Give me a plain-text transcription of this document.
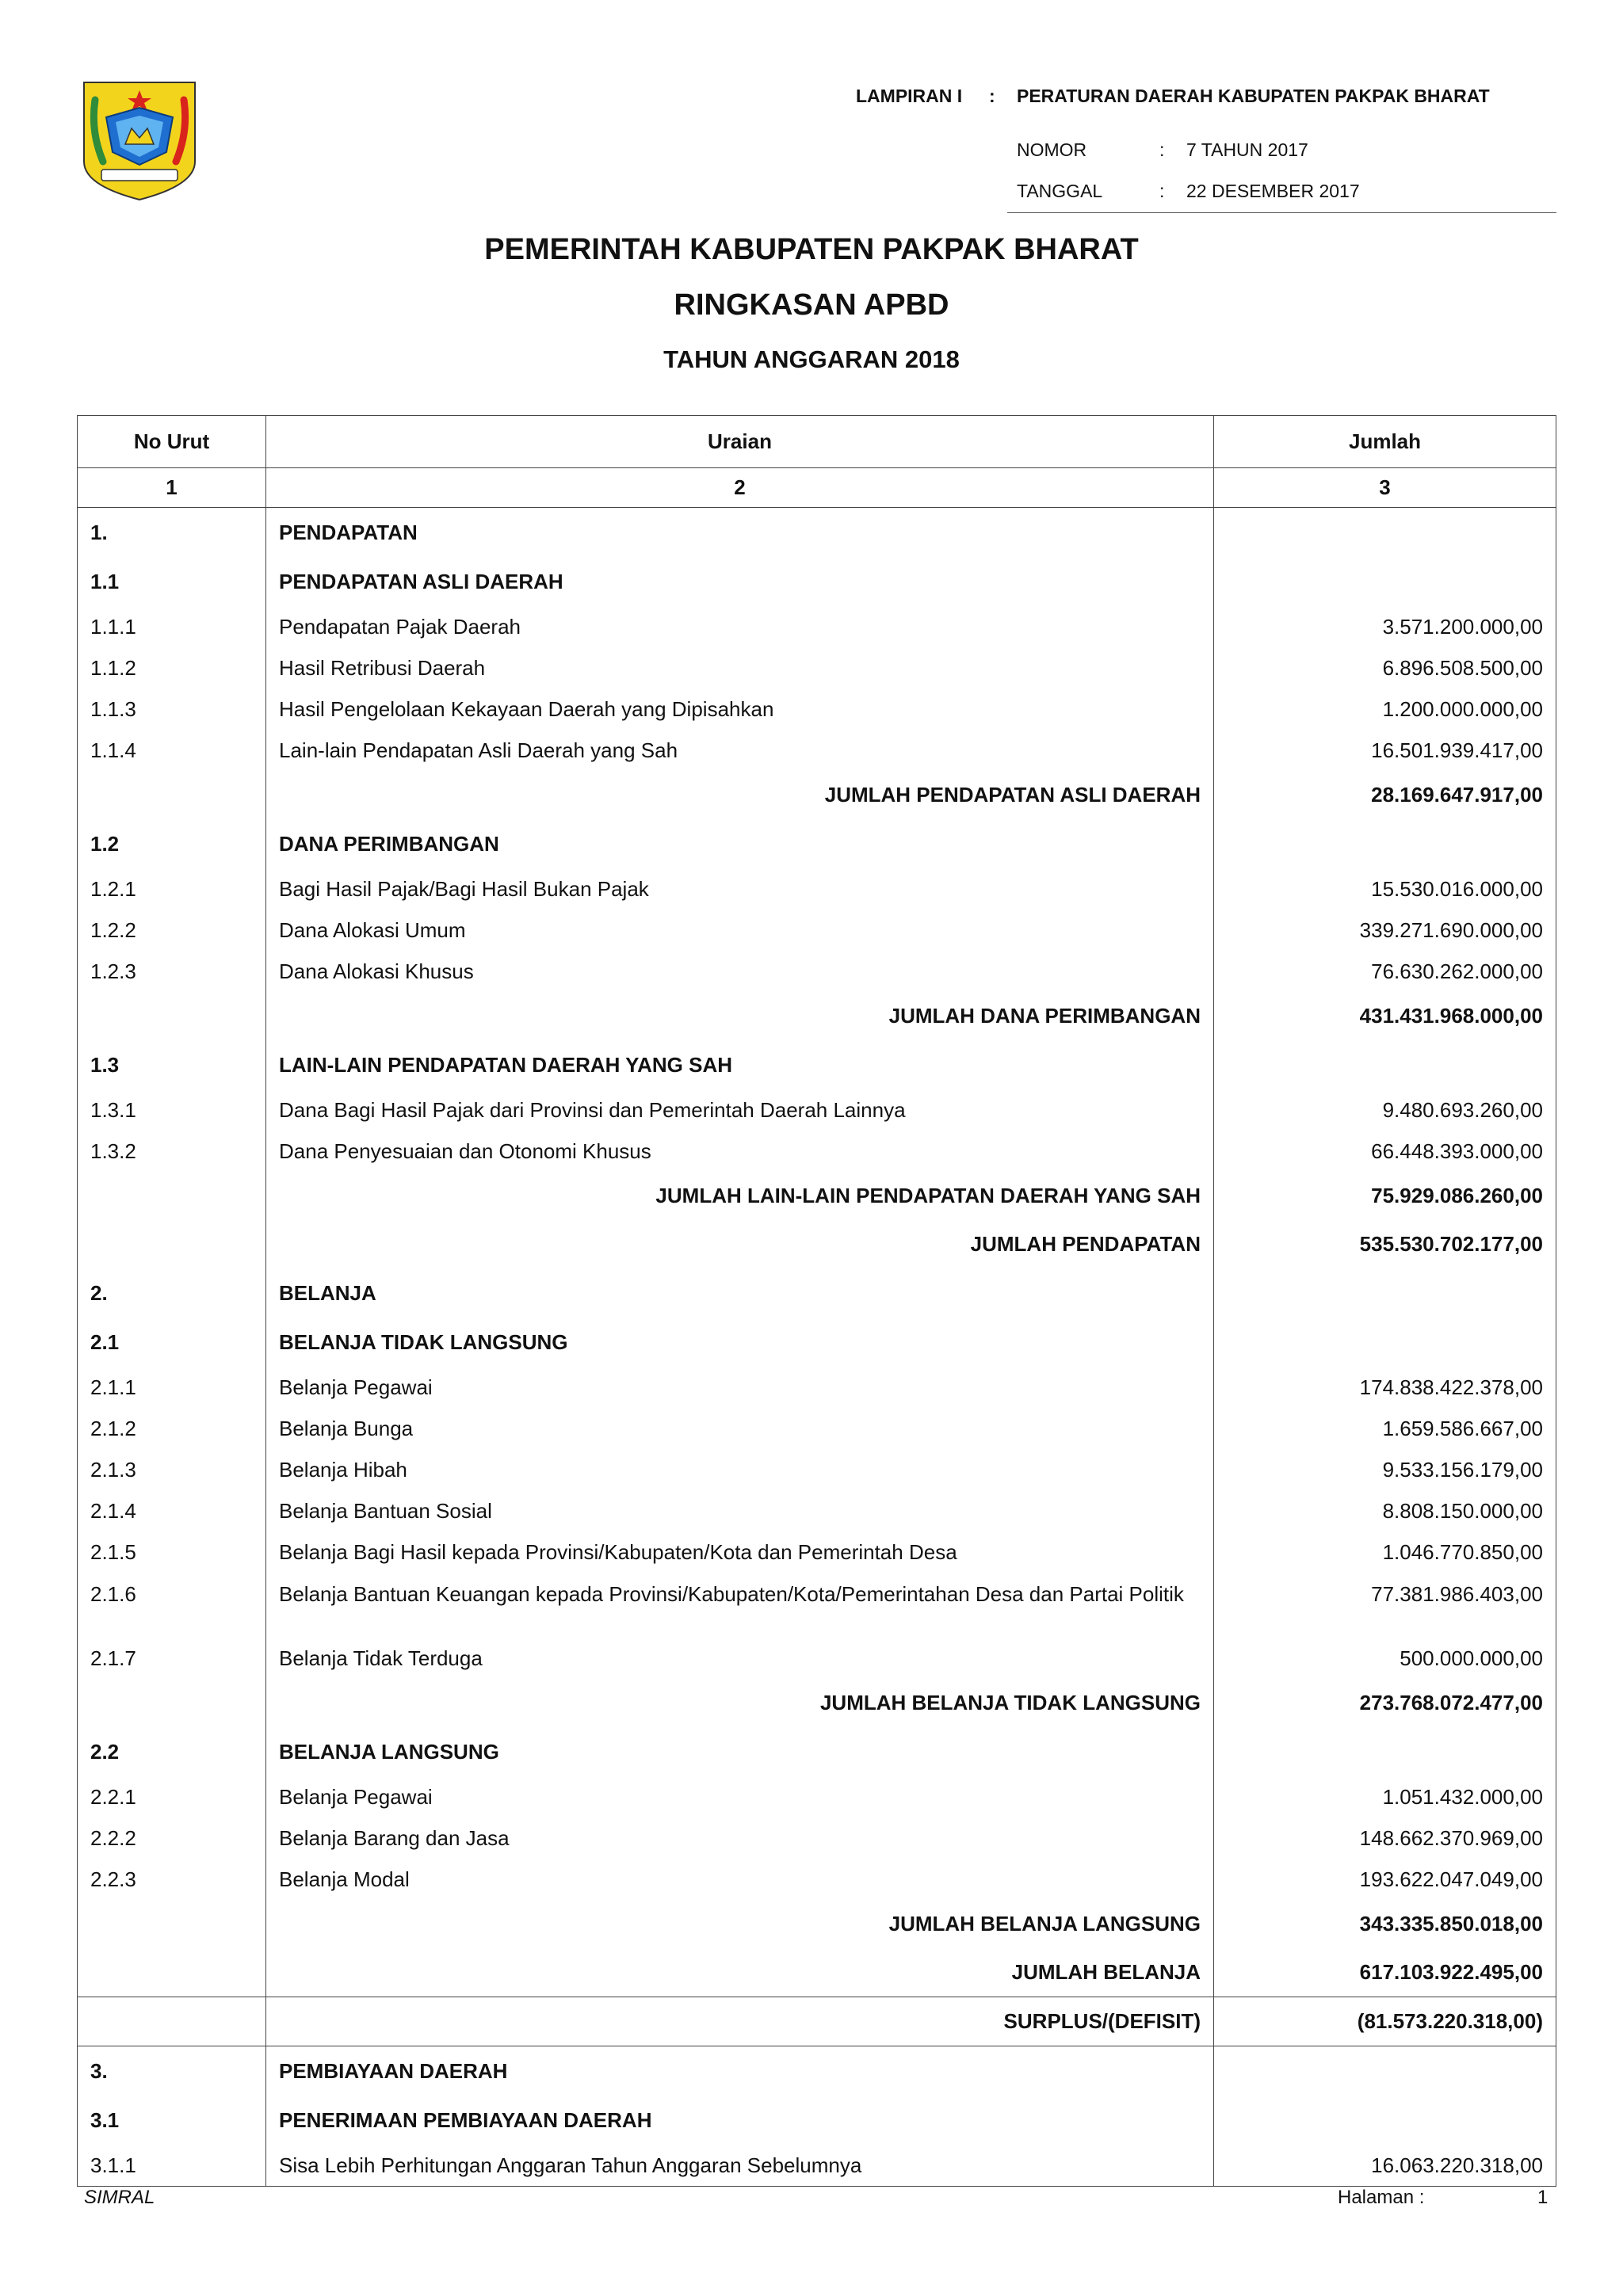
LAMPIRAN I : PERATURAN DAERAH KABUPATEN PAKPAK BHARAT
NOMOR	: 7 TAHUN 2017
TANGGAL	: 22 DESEMBER 2017
PEMERINTAH KABUPATEN PAKPAK BHARAT
RINGKASAN APBD
TAHUN ANGGARAN 2018
No Urut	Uraian	Jumlah
1	2	3
1.	PENDAPATAN	
1.1	PENDAPATAN ASLI DAERAH	
1.1.1	Pendapatan Pajak Daerah	3.571.200.000,00
1.1.2	Hasil Retribusi Daerah	6.896.508.500,00
1.1.3	Hasil Pengelolaan Kekayaan Daerah yang Dipisahkan	1.200.000.000,00
1.1.4	Lain-lain Pendapatan Asli Daerah yang Sah	16.501.939.417,00
	JUMLAH PENDAPATAN ASLI DAERAH	28.169.647.917,00
1.2	DANA PERIMBANGAN	
1.2.1	Bagi Hasil Pajak/Bagi Hasil Bukan Pajak	15.530.016.000,00
1.2.2	Dana Alokasi Umum	339.271.690.000,00
1.2.3	Dana Alokasi Khusus	76.630.262.000,00
	JUMLAH DANA PERIMBANGAN	431.431.968.000,00
1.3	LAIN-LAIN PENDAPATAN DAERAH YANG SAH	
1.3.1	Dana Bagi Hasil Pajak dari Provinsi dan Pemerintah Daerah Lainnya	9.480.693.260,00
1.3.2	Dana Penyesuaian dan Otonomi Khusus	66.448.393.000,00
	JUMLAH LAIN-LAIN PENDAPATAN DAERAH YANG SAH	75.929.086.260,00
	JUMLAH PENDAPATAN	535.530.702.177,00
2.	BELANJA	
2.1	BELANJA TIDAK LANGSUNG	
2.1.1	Belanja Pegawai	174.838.422.378,00
2.1.2	Belanja Bunga	1.659.586.667,00
2.1.3	Belanja Hibah	9.533.156.179,00
2.1.4	Belanja Bantuan Sosial	8.808.150.000,00
2.1.5	Belanja Bagi Hasil kepada Provinsi/Kabupaten/Kota dan Pemerintah Desa	1.046.770.850,00
2.1.6	Belanja Bantuan Keuangan kepada Provinsi/Kabupaten/Kota/Pemerintahan Desa dan Partai Politik	77.381.986.403,00
2.1.7	Belanja Tidak Terduga	500.000.000,00
	JUMLAH BELANJA TIDAK LANGSUNG	273.768.072.477,00
2.2	BELANJA LANGSUNG	
2.2.1	Belanja Pegawai	1.051.432.000,00
2.2.2	Belanja Barang dan Jasa	148.662.370.969,00
2.2.3	Belanja Modal	193.622.047.049,00
	JUMLAH BELANJA LANGSUNG	343.335.850.018,00
	JUMLAH BELANJA	617.103.922.495,00
	SURPLUS/(DEFISIT)	(81.573.220.318,00)
3.	PEMBIAYAAN DAERAH	
3.1	PENERIMAAN PEMBIAYAAN DAERAH	
3.1.1	Sisa Lebih Perhitungan Anggaran Tahun Anggaran Sebelumnya	16.063.220.318,00
SIMRAL	Halaman :	1
